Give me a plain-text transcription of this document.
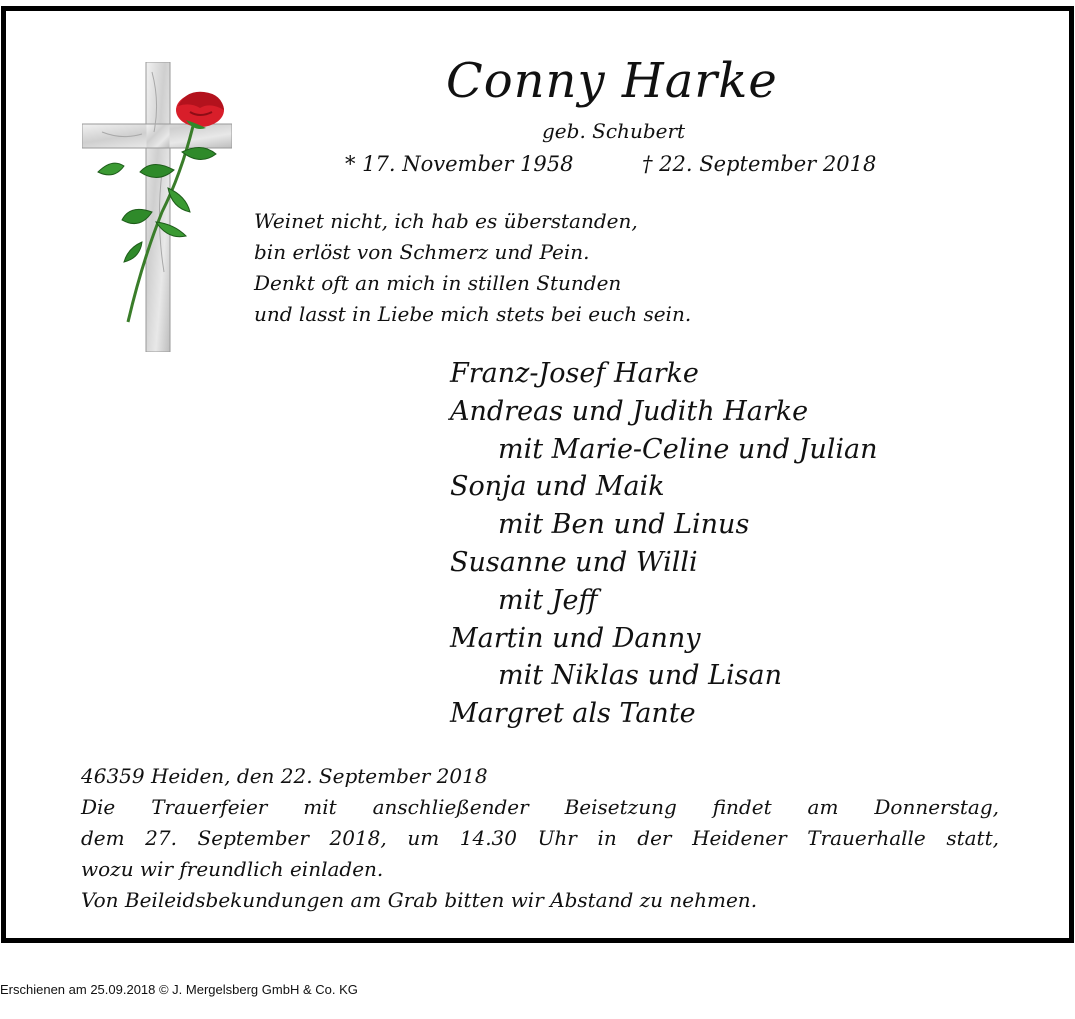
Conny Harke
geb. Schubert
* 17. November 1958	† 22. September 2018
Weinet nicht, ich hab es überstanden,
bin erlöst von Schmerz und Pein.
Denkt oft an mich in stillen Stunden
und lasst in Liebe mich stets bei euch sein.
Franz-Josef Harke
Andreas und Judith Harke
mit Marie-Celine und Julian
Sonja und Maik
mit Ben und Linus
Susanne und Willi
mit Jeff
Martin und Danny
mit Niklas und Lisan
Margret als Tante
46359 Heiden, den 22. September 2018
Die Trauerfeier mit anschließender Beisetzung findet am Donnerstag,
dem 27. September 2018, um 14.30 Uhr in der Heidener Trauerhalle statt,
wozu wir freundlich einladen.
Von Beileidsbekundungen am Grab bitten wir Abstand zu nehmen.
Erschienen am 25.09.2018 © J. Mergelsberg GmbH & Co. KG
